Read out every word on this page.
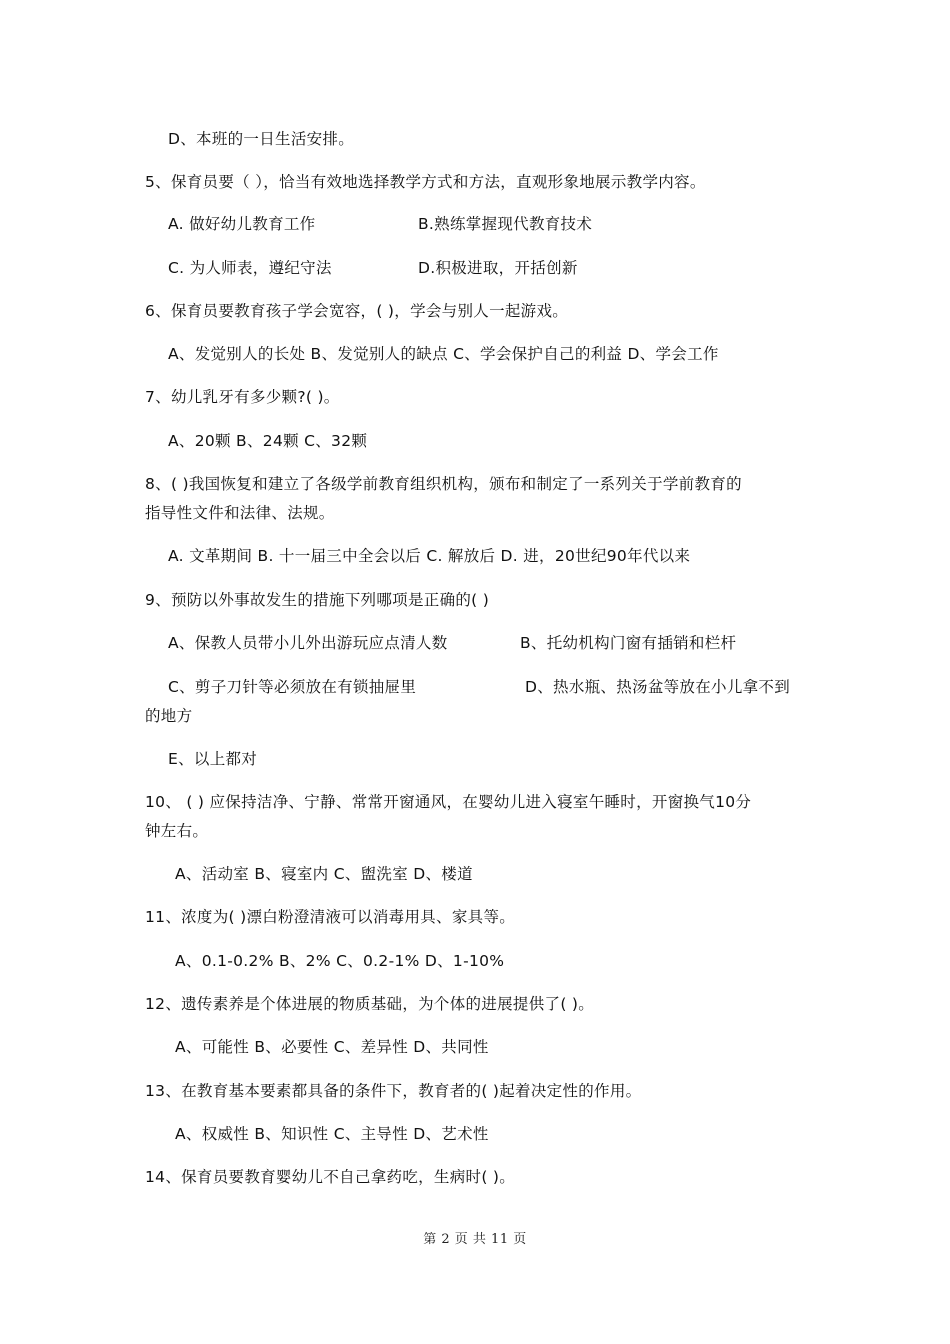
D、本班的一日生活安排。
5、保育员要（ ），恰当有效地选择教学方式和方法，直观形象地展示教学内容。
A. 做好幼儿教育工作	B.熟练掌握现代教育技术
C. 为人师表，遵纪守法	D.积极进取，开括创新
6、保育员要教育孩子学会宽容，( )，学会与别人一起游戏。
A、发觉别人的长处 B、发觉别人的缺点 C、学会保护自己的利益 D、学会工作
7、幼儿乳牙有多少颗?( )。
A、20颗 B、24颗 C、32颗
8、( )我国恢复和建立了各级学前教育组织机构，颁布和制定了一系列关于学前教育的
指导性文件和法律、法规。
A. 文革期间 B. 十一届三中全会以后 C. 解放后 D. 进，20世纪90年代以来
9、预防以外事故发生的措施下列哪项是正确的( )
A、保教人员带小儿外出游玩应点清人数	B、托幼机构门窗有插销和栏杆
C、剪子刀针等必须放在有锁抽屉里	D、热水瓶、热汤盆等放在小儿拿不到
的地方
E、以上都对
10、 ( ) 应保持洁净、宁静、常常开窗通风，在婴幼儿进入寝室午睡时，开窗换气10分
钟左右。
A、活动室 B、寝室内 C、盥洗室 D、楼道
11、浓度为( )漂白粉澄清液可以消毒用具、家具等。
A、0.1-0.2% B、2% C、0.2-1% D、1-10%
12、遗传素养是个体进展的物质基础，为个体的进展提供了( )。
A、可能性 B、必要性 C、差异性 D、共同性
13、在教育基本要素都具备的条件下，教育者的( )起着决定性的作用。
A、权威性 B、知识性 C、主导性 D、艺术性
14、保育员要教育婴幼儿不自己拿药吃，生病时( )。
第 2 页 共 11 页
